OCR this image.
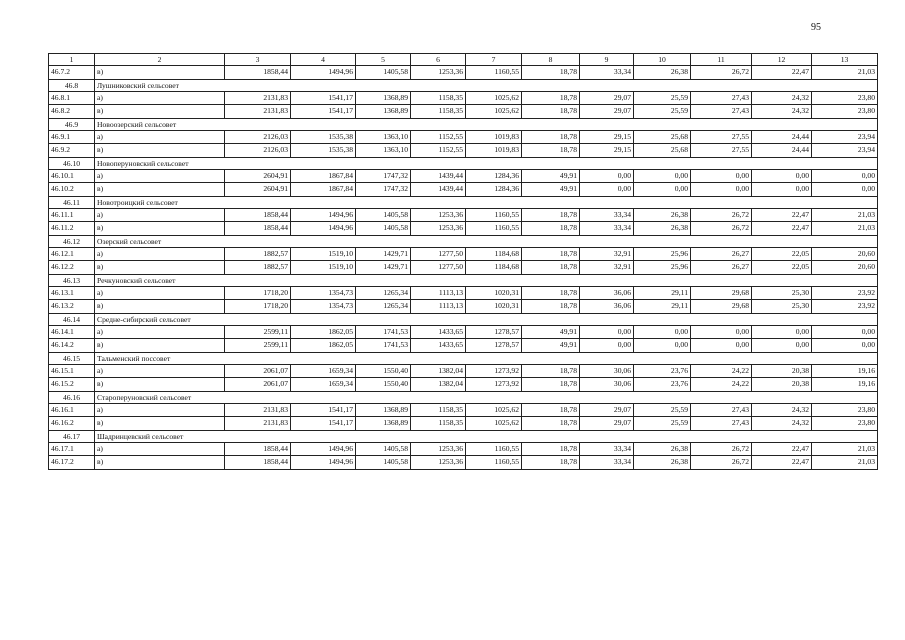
95
1	2	3	4	5	6	7	8	9	10	11	12	13
46.7.2	в)	1858,44	1494,96	1405,58	1253,36	1160,55	18,78	33,34	26,38	26,72	22,47	21,03
46.8	Лушниковский сельсовет											
46.8.1	а)	2131,83	1541,17	1368,89	1158,35	1025,62	18,78	29,07	25,59	27,43	24,32	23,80
46.8.2	в)	2131,83	1541,17	1368,89	1158,35	1025,62	18,78	29,07	25,59	27,43	24,32	23,80
46.9	Новоозерский сельсовет											
46.9.1	а)	2126,03	1535,38	1363,10	1152,55	1019,83	18,78	29,15	25,68	27,55	24,44	23,94
46.9.2	в)	2126,03	1535,38	1363,10	1152,55	1019,83	18,78	29,15	25,68	27,55	24,44	23,94
46.10	Новоперуновский сельсовет											
46.10.1	а)	2604,91	1867,84	1747,32	1439,44	1284,36	49,91	0,00	0,00	0,00	0,00	0,00
46.10.2	в)	2604,91	1867,84	1747,32	1439,44	1284,36	49,91	0,00	0,00	0,00	0,00	0,00
46.11	Новотроицкий сельсовет											
46.11.1	а)	1858,44	1494,96	1405,58	1253,36	1160,55	18,78	33,34	26,38	26,72	22,47	21,03
46.11.2	в)	1858,44	1494,96	1405,58	1253,36	1160,55	18,78	33,34	26,38	26,72	22,47	21,03
46.12	Озерский сельсовет											
46.12.1	а)	1882,57	1519,10	1429,71	1277,50	1184,68	18,78	32,91	25,96	26,27	22,05	20,60
46.12.2	в)	1882,57	1519,10	1429,71	1277,50	1184,68	18,78	32,91	25,96	26,27	22,05	20,60
46.13	Речкуновский сельсовет											
46.13.1	а)	1718,20	1354,73	1265,34	1113,13	1020,31	18,78	36,06	29,11	29,68	25,30	23,92
46.13.2	в)	1718,20	1354,73	1265,34	1113,13	1020,31	18,78	36,06	29,11	29,68	25,30	23,92
46.14	Средне-сибирский сельсовет											
46.14.1	а)	2599,11	1862,05	1741,53	1433,65	1278,57	49,91	0,00	0,00	0,00	0,00	0,00
46.14.2	в)	2599,11	1862,05	1741,53	1433,65	1278,57	49,91	0,00	0,00	0,00	0,00	0,00
46.15	Тальменский поссовет											
46.15.1	а)	2061,07	1659,34	1550,40	1382,04	1273,92	18,78	30,06	23,76	24,22	20,38	19,16
46.15.2	в)	2061,07	1659,34	1550,40	1382,04	1273,92	18,78	30,06	23,76	24,22	20,38	19,16
46.16	Староперуновский сельсовет											
46.16.1	а)	2131,83	1541,17	1368,89	1158,35	1025,62	18,78	29,07	25,59	27,43	24,32	23,80
46.16.2	в)	2131,83	1541,17	1368,89	1158,35	1025,62	18,78	29,07	25,59	27,43	24,32	23,80
46.17	Шадринцевский сельсовет											
46.17.1	а)	1858,44	1494,96	1405,58	1253,36	1160,55	18,78	33,34	26,38	26,72	22,47	21,03
46.17.2	в)	1858,44	1494,96	1405,58	1253,36	1160,55	18,78	33,34	26,38	26,72	22,47	21,03
